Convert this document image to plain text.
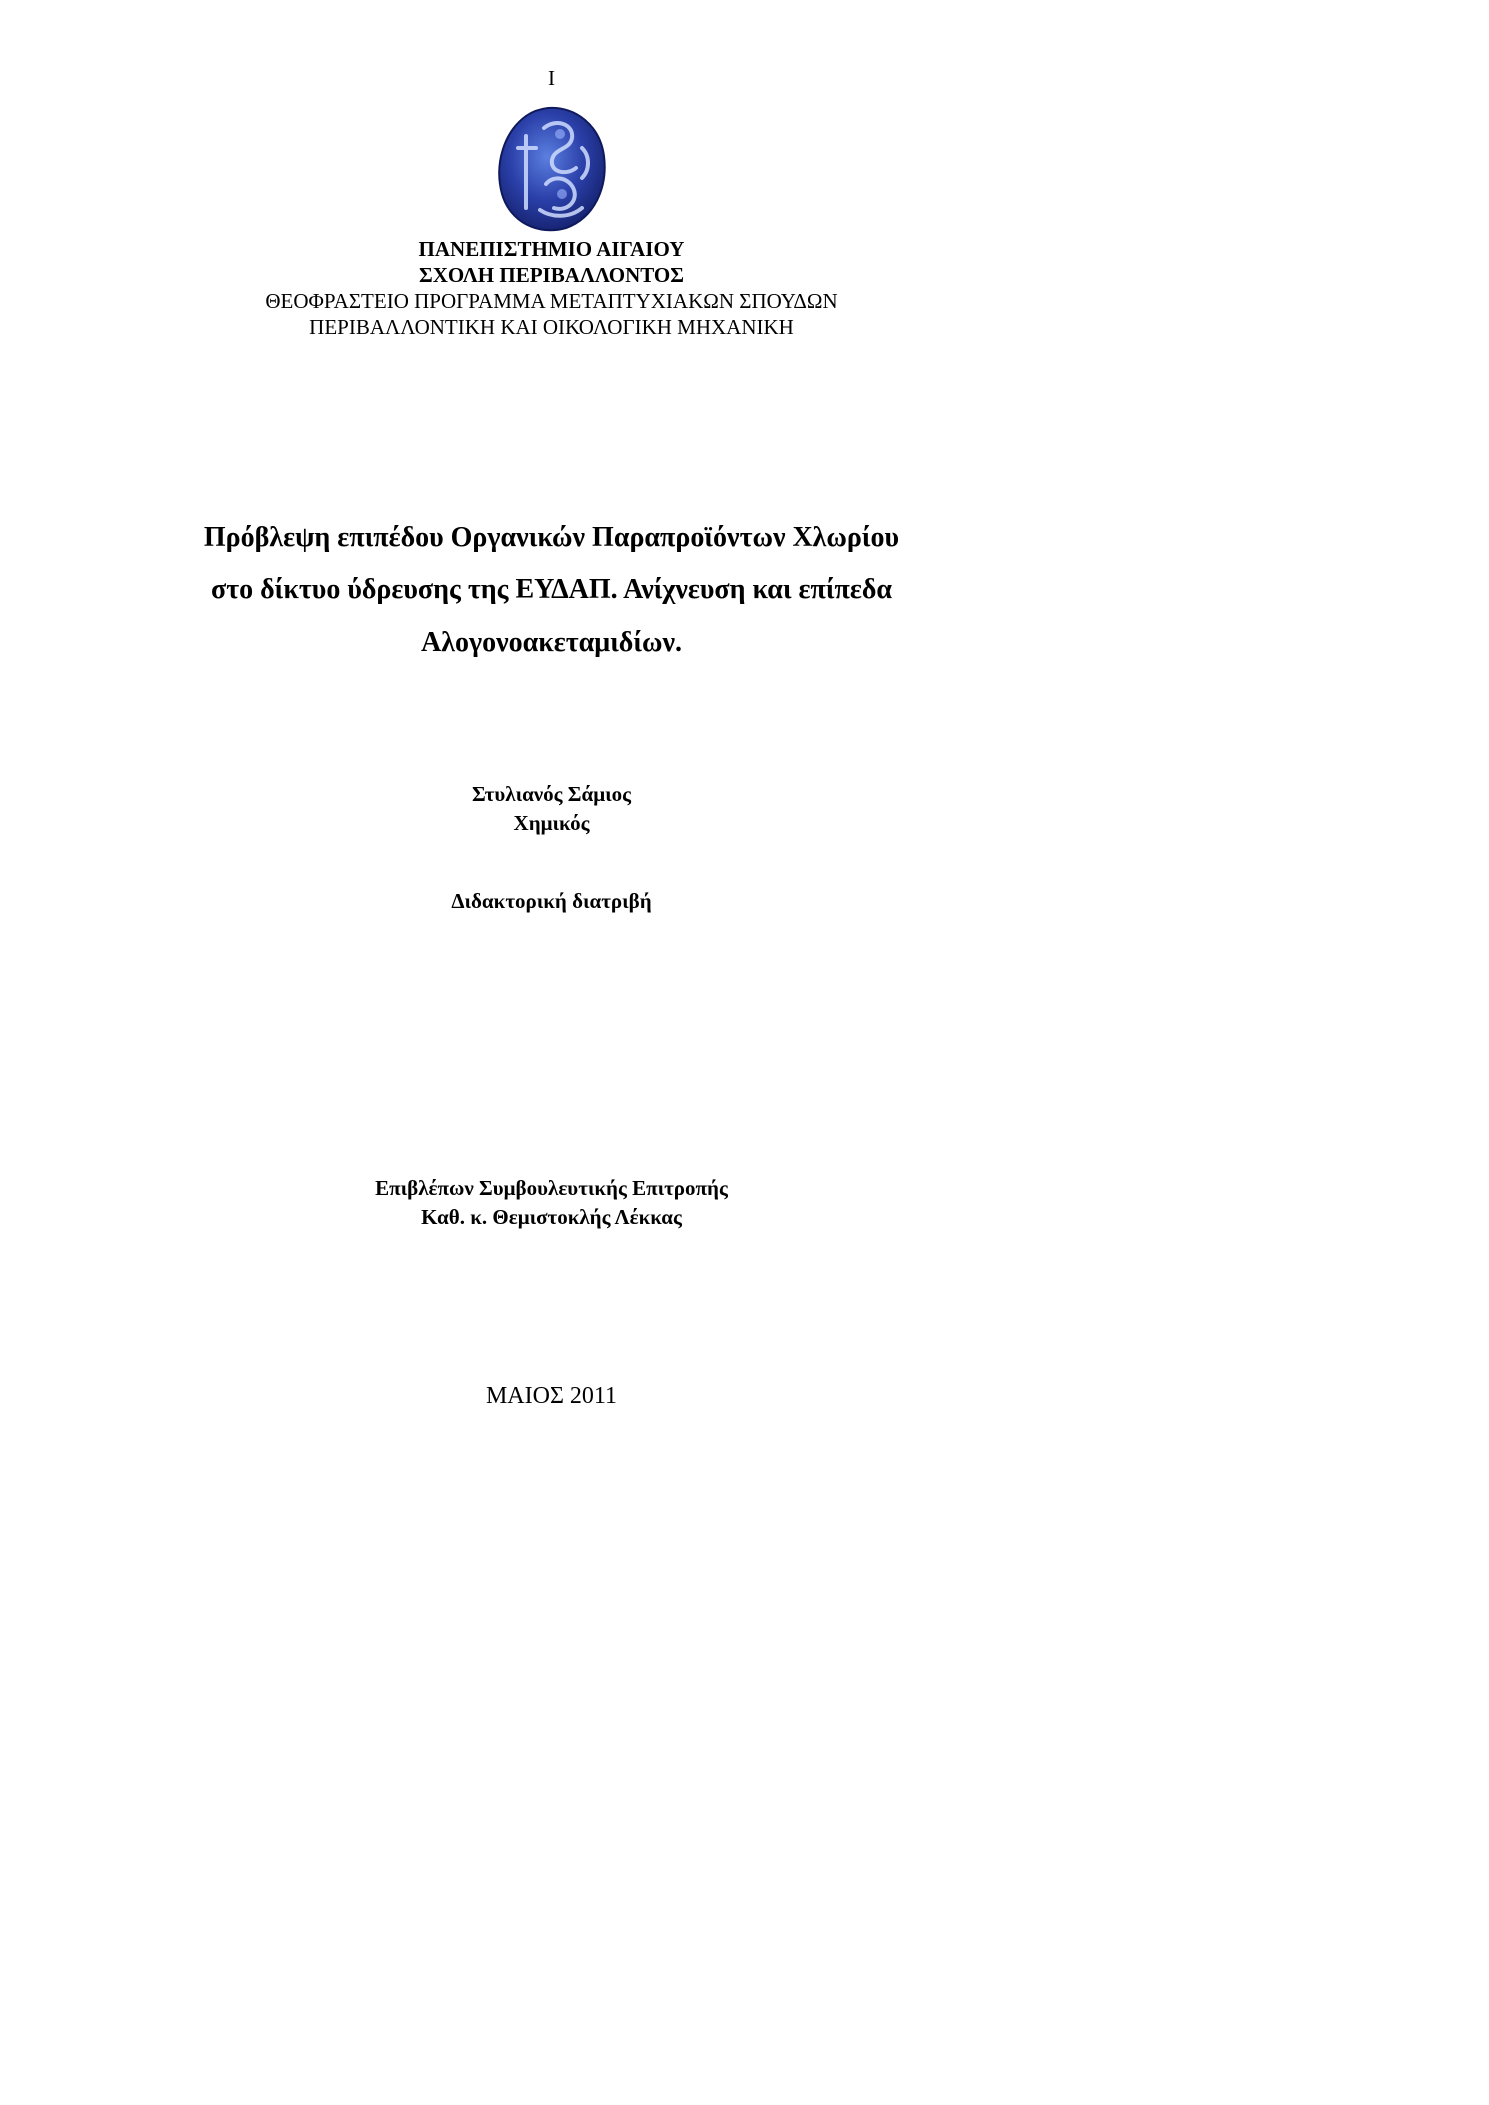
I
ΠΑΝΕΠΙΣΤΗΜΙΟ ΑΙΓΑΙΟΥ
ΣΧΟΛΗ ΠΕΡΙΒΑΛΛΟΝΤΟΣ
ΘΕΟΦΡΑΣΤΕΙΟ ΠΡΟΓΡΑΜΜΑ ΜΕΤΑΠΤΥΧΙΑΚΩΝ ΣΠΟΥΔΩΝ
ΠΕΡΙΒΑΛΛΟΝΤΙΚΗ ΚΑΙ ΟΙΚΟΛΟΓΙΚΗ ΜΗΧΑΝΙΚΗ
Πρόβλεψη επιπέδου Οργανικών Παραπροϊόντων Χλωρίου
στο δίκτυο ύδρευσης της ΕΥΔΑΠ. Ανίχνευση και επίπεδα
Αλογονοακεταμιδίων.
Στυλιανός Σάμιος
Χημικός
Διδακτορική διατριβή
Επιβλέπων Συμβουλευτικής Επιτροπής
Καθ. κ. Θεμιστοκλής Λέκκας
ΜΑΙΟΣ 2011
